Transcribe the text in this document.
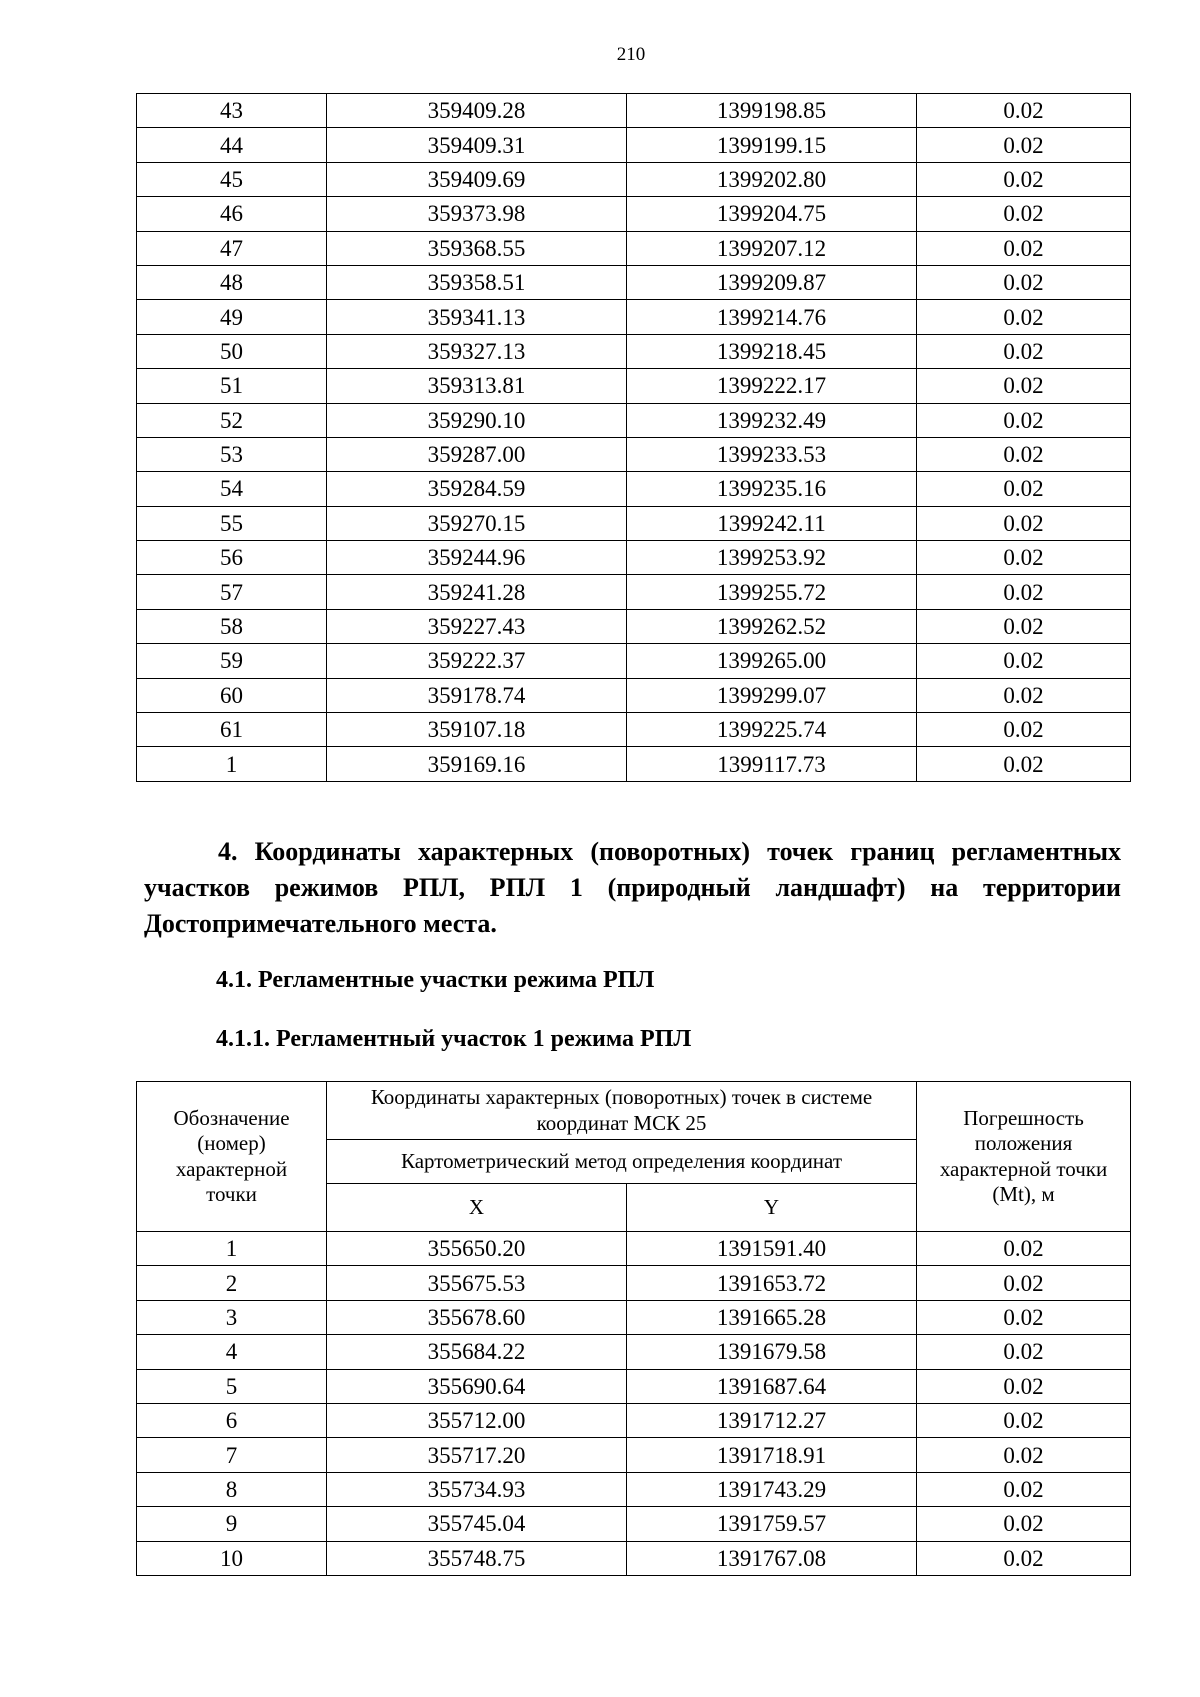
210
43	359409.28	1399198.85	0.02
44	359409.31	1399199.15	0.02
45	359409.69	1399202.80	0.02
46	359373.98	1399204.75	0.02
47	359368.55	1399207.12	0.02
48	359358.51	1399209.87	0.02
49	359341.13	1399214.76	0.02
50	359327.13	1399218.45	0.02
51	359313.81	1399222.17	0.02
52	359290.10	1399232.49	0.02
53	359287.00	1399233.53	0.02
54	359284.59	1399235.16	0.02
55	359270.15	1399242.11	0.02
56	359244.96	1399253.92	0.02
57	359241.28	1399255.72	0.02
58	359227.43	1399262.52	0.02
59	359222.37	1399265.00	0.02
60	359178.74	1399299.07	0.02
61	359107.18	1399225.74	0.02
1	359169.16	1399117.73	0.02

4. Координаты характерных (поворотных) точек границ регламентных участков режимов РПЛ, РПЛ 1 (природный ландшафт) на территории Достопримечательного места.

4.1. Регламентные участки режима РПЛ

4.1.1. Регламентный участок 1 режима РПЛ

Обозначение (номер) характерной точки	Координаты характерных (поворотных) точек в системе координат МСК 25		Погрешность положения характерной точки (Mt), м
	Картометрический метод определения координат		
	X	Y	
1	355650.20	1391591.40	0.02
2	355675.53	1391653.72	0.02
3	355678.60	1391665.28	0.02
4	355684.22	1391679.58	0.02
5	355690.64	1391687.64	0.02
6	355712.00	1391712.27	0.02
7	355717.20	1391718.91	0.02
8	355734.93	1391743.29	0.02
9	355745.04	1391759.57	0.02
10	355748.75	1391767.08	0.02
